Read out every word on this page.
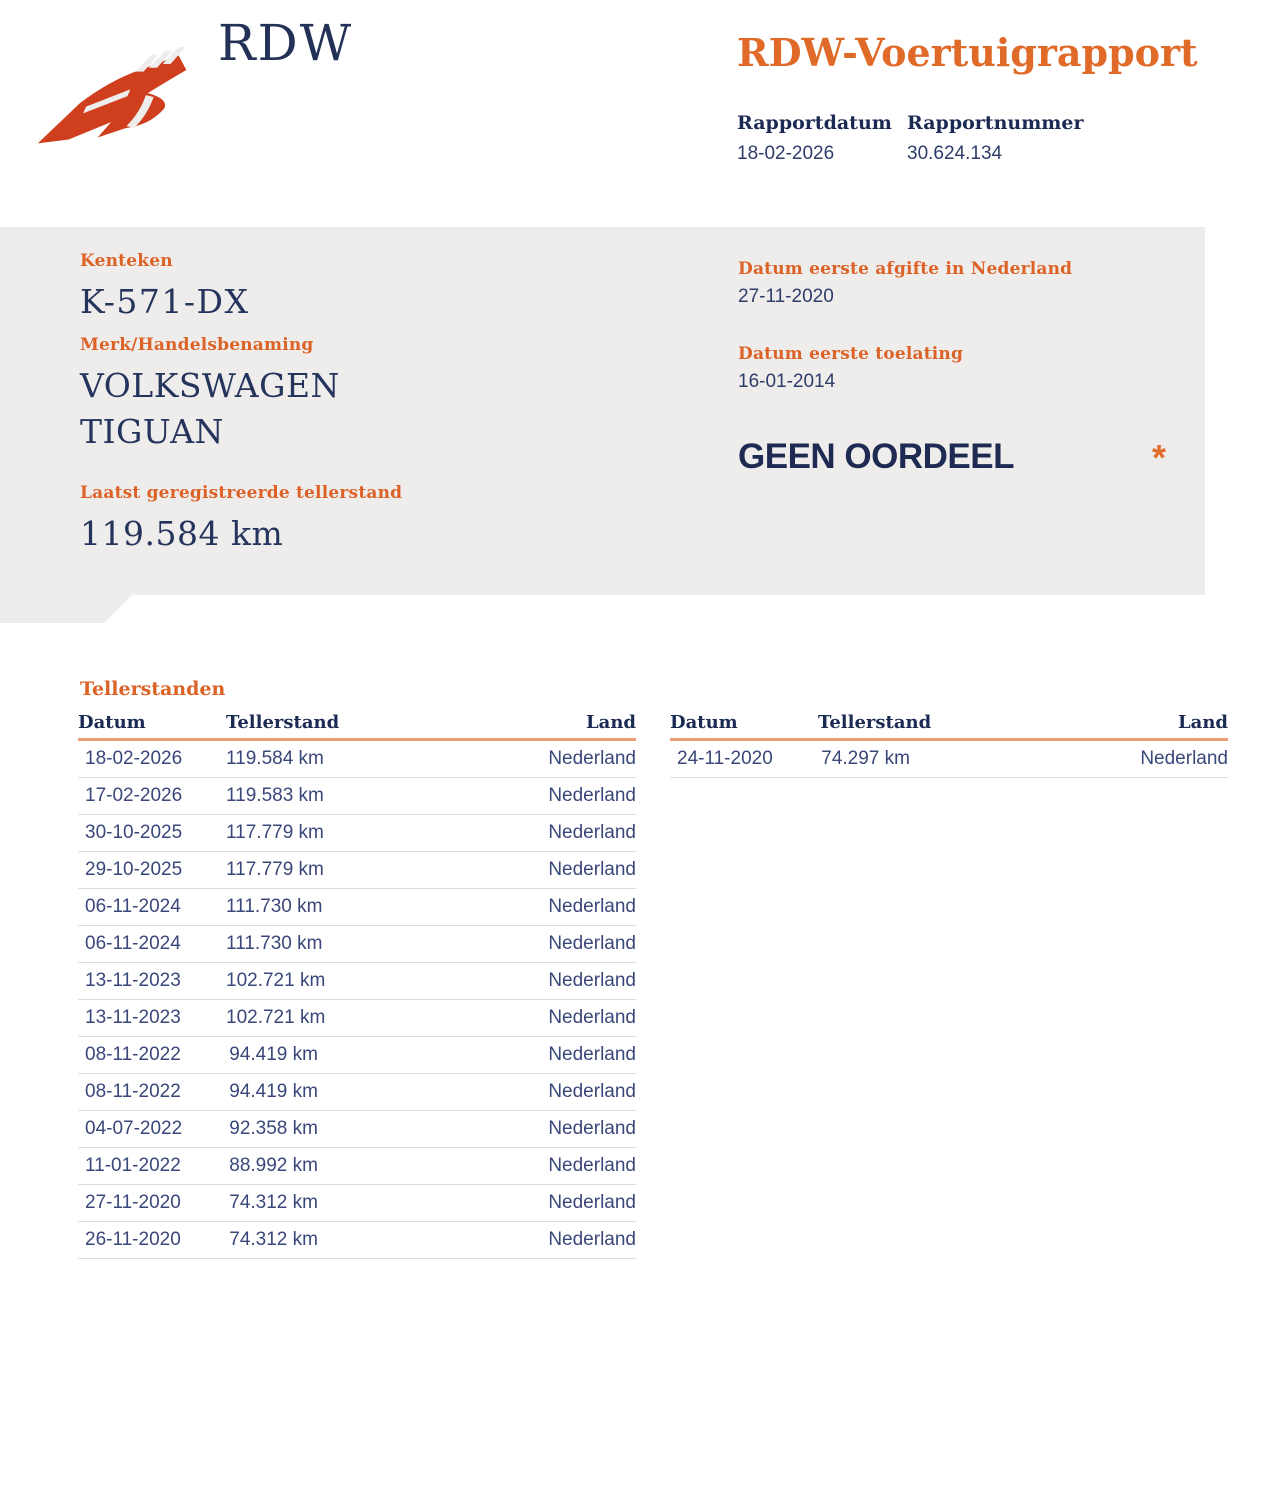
RDW	RDW-Voertuigrapport
Rapportdatum
18-02-2026
Rapportnummer
30.624.134
Kenteken
K-571-DX
Merk/Handelsbenaming
VOLKSWAGEN
TIGUAN
Laatst geregistreerde tellerstand
119.584 km
Datum eerste afgifte in Nederland
27-11-2020
Datum eerste toelating
16-01-2014
GEEN OORDEEL	*
Tellerstanden
Datum	Tellerstand	Land
18-02-2026	119.584 km	Nederland
17-02-2026	119.583 km	Nederland
30-10-2025	117.779 km	Nederland
29-10-2025	117.779 km	Nederland
06-11-2024	111.730 km	Nederland
06-11-2024	111.730 km	Nederland
13-11-2023	102.721 km	Nederland
13-11-2023	102.721 km	Nederland
08-11-2022	94.419 km	Nederland
08-11-2022	94.419 km	Nederland
04-07-2022	92.358 km	Nederland
11-01-2022	88.992 km	Nederland
27-11-2020	74.312 km	Nederland
26-11-2020	74.312 km	Nederland
Datum	Tellerstand	Land
24-11-2020	74.297 km	Nederland
